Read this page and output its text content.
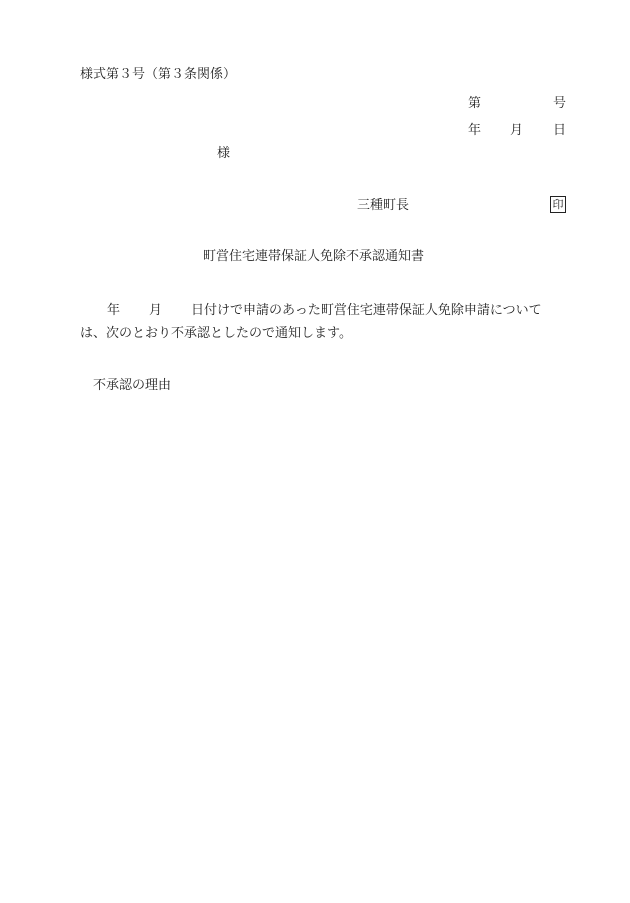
様式第３号（第３条関係）
第	号
年 月 日
様
三種町長	印
町営住宅連帯保証人免除不承認通知書
年 月 日付けで申請のあった町営住宅連帯保証人免除申請について
は、次のとおり不承認としたので通知します。
不承認の理由
